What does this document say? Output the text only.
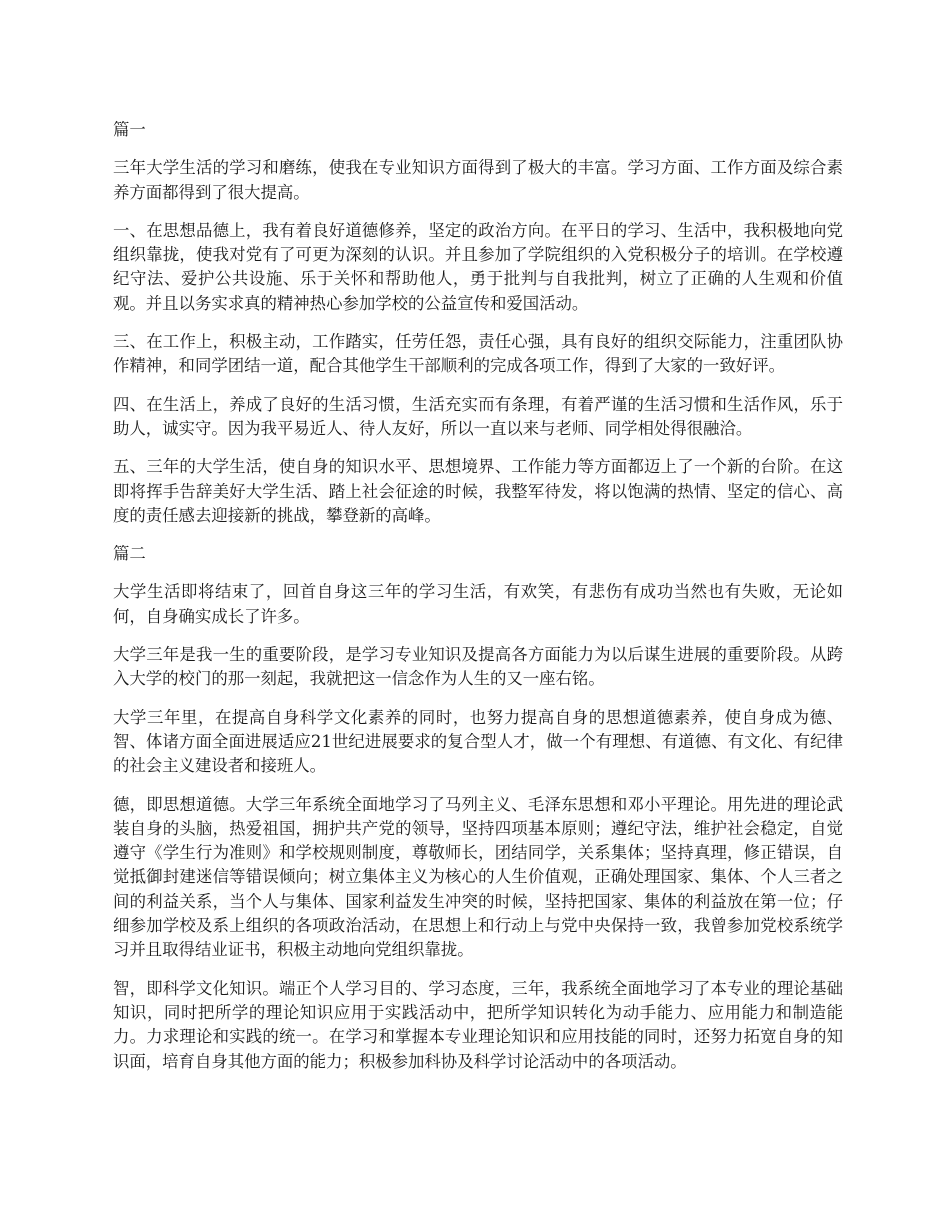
篇一

三年大学生活的学习和磨练，使我在专业知识方面得到了极大的丰富。学习方面、工作方面及综合素养方面都得到了很大提高。

一、在思想品德上，我有着良好道德修养，坚定的政治方向。在平日的学习、生活中，我积极地向党组织靠拢，使我对党有了可更为深刻的认识。并且参加了学院组织的入党积极分子的培训。在学校遵纪守法、爱护公共设施、乐于关怀和帮助他人，勇于批判与自我批判，树立了正确的人生观和价值观。并且以务实求真的精神热心参加学校的公益宣传和爱国活动。

三、在工作上，积极主动，工作踏实，任劳任怨，责任心强，具有良好的组织交际能力，注重团队协作精神，和同学团结一道，配合其他学生干部顺利的完成各项工作，得到了大家的一致好评。

四、在生活上，养成了良好的生活习惯，生活充实而有条理，有着严谨的生活习惯和生活作风，乐于助人，诚实守。因为我平易近人、待人友好，所以一直以来与老师、同学相处得很融洽。

五、三年的大学生活，使自身的知识水平、思想境界、工作能力等方面都迈上了一个新的台阶。在这即将挥手告辞美好大学生活、踏上社会征途的时候，我整军待发，将以饱满的热情、坚定的信心、高度的责任感去迎接新的挑战，攀登新的高峰。

篇二

大学生活即将结束了，回首自身这三年的学习生活，有欢笑，有悲伤有成功当然也有失败，无论如何，自身确实成长了许多。

大学三年是我一生的重要阶段，是学习专业知识及提高各方面能力为以后谋生进展的重要阶段。从跨入大学的校门的那一刻起，我就把这一信念作为人生的又一座右铭。

大学三年里，在提高自身科学文化素养的同时，也努力提高自身的思想道德素养，使自身成为德、智、体诸方面全面进展适应21世纪进展要求的复合型人才，做一个有理想、有道德、有文化、有纪律的社会主义建设者和接班人。

德，即思想道德。大学三年系统全面地学习了马列主义、毛泽东思想和邓小平理论。用先进的理论武装自身的头脑，热爱祖国，拥护共产党的领导，坚持四项基本原则；遵纪守法，维护社会稳定，自觉遵守《学生行为准则》和学校规则制度，尊敬师长，团结同学，关系集体；坚持真理，修正错误，自觉抵御封建迷信等错误倾向；树立集体主义为核心的人生价值观，正确处理国家、集体、个人三者之间的利益关系，当个人与集体、国家利益发生冲突的时候，坚持把国家、集体的利益放在第一位；仔细参加学校及系上组织的各项政治活动，在思想上和行动上与党中央保持一致，我曾参加党校系统学习并且取得结业证书，积极主动地向党组织靠拢。

智，即科学文化知识。端正个人学习目的、学习态度，三年，我系统全面地学习了本专业的理论基础知识，同时把所学的理论知识应用于实践活动中，把所学知识转化为动手能力、应用能力和制造能力。力求理论和实践的统一。在学习和掌握本专业理论知识和应用技能的同时，还努力拓宽自身的知识面，培育自身其他方面的能力；积极参加科协及科学讨论活动中的各项活动。
